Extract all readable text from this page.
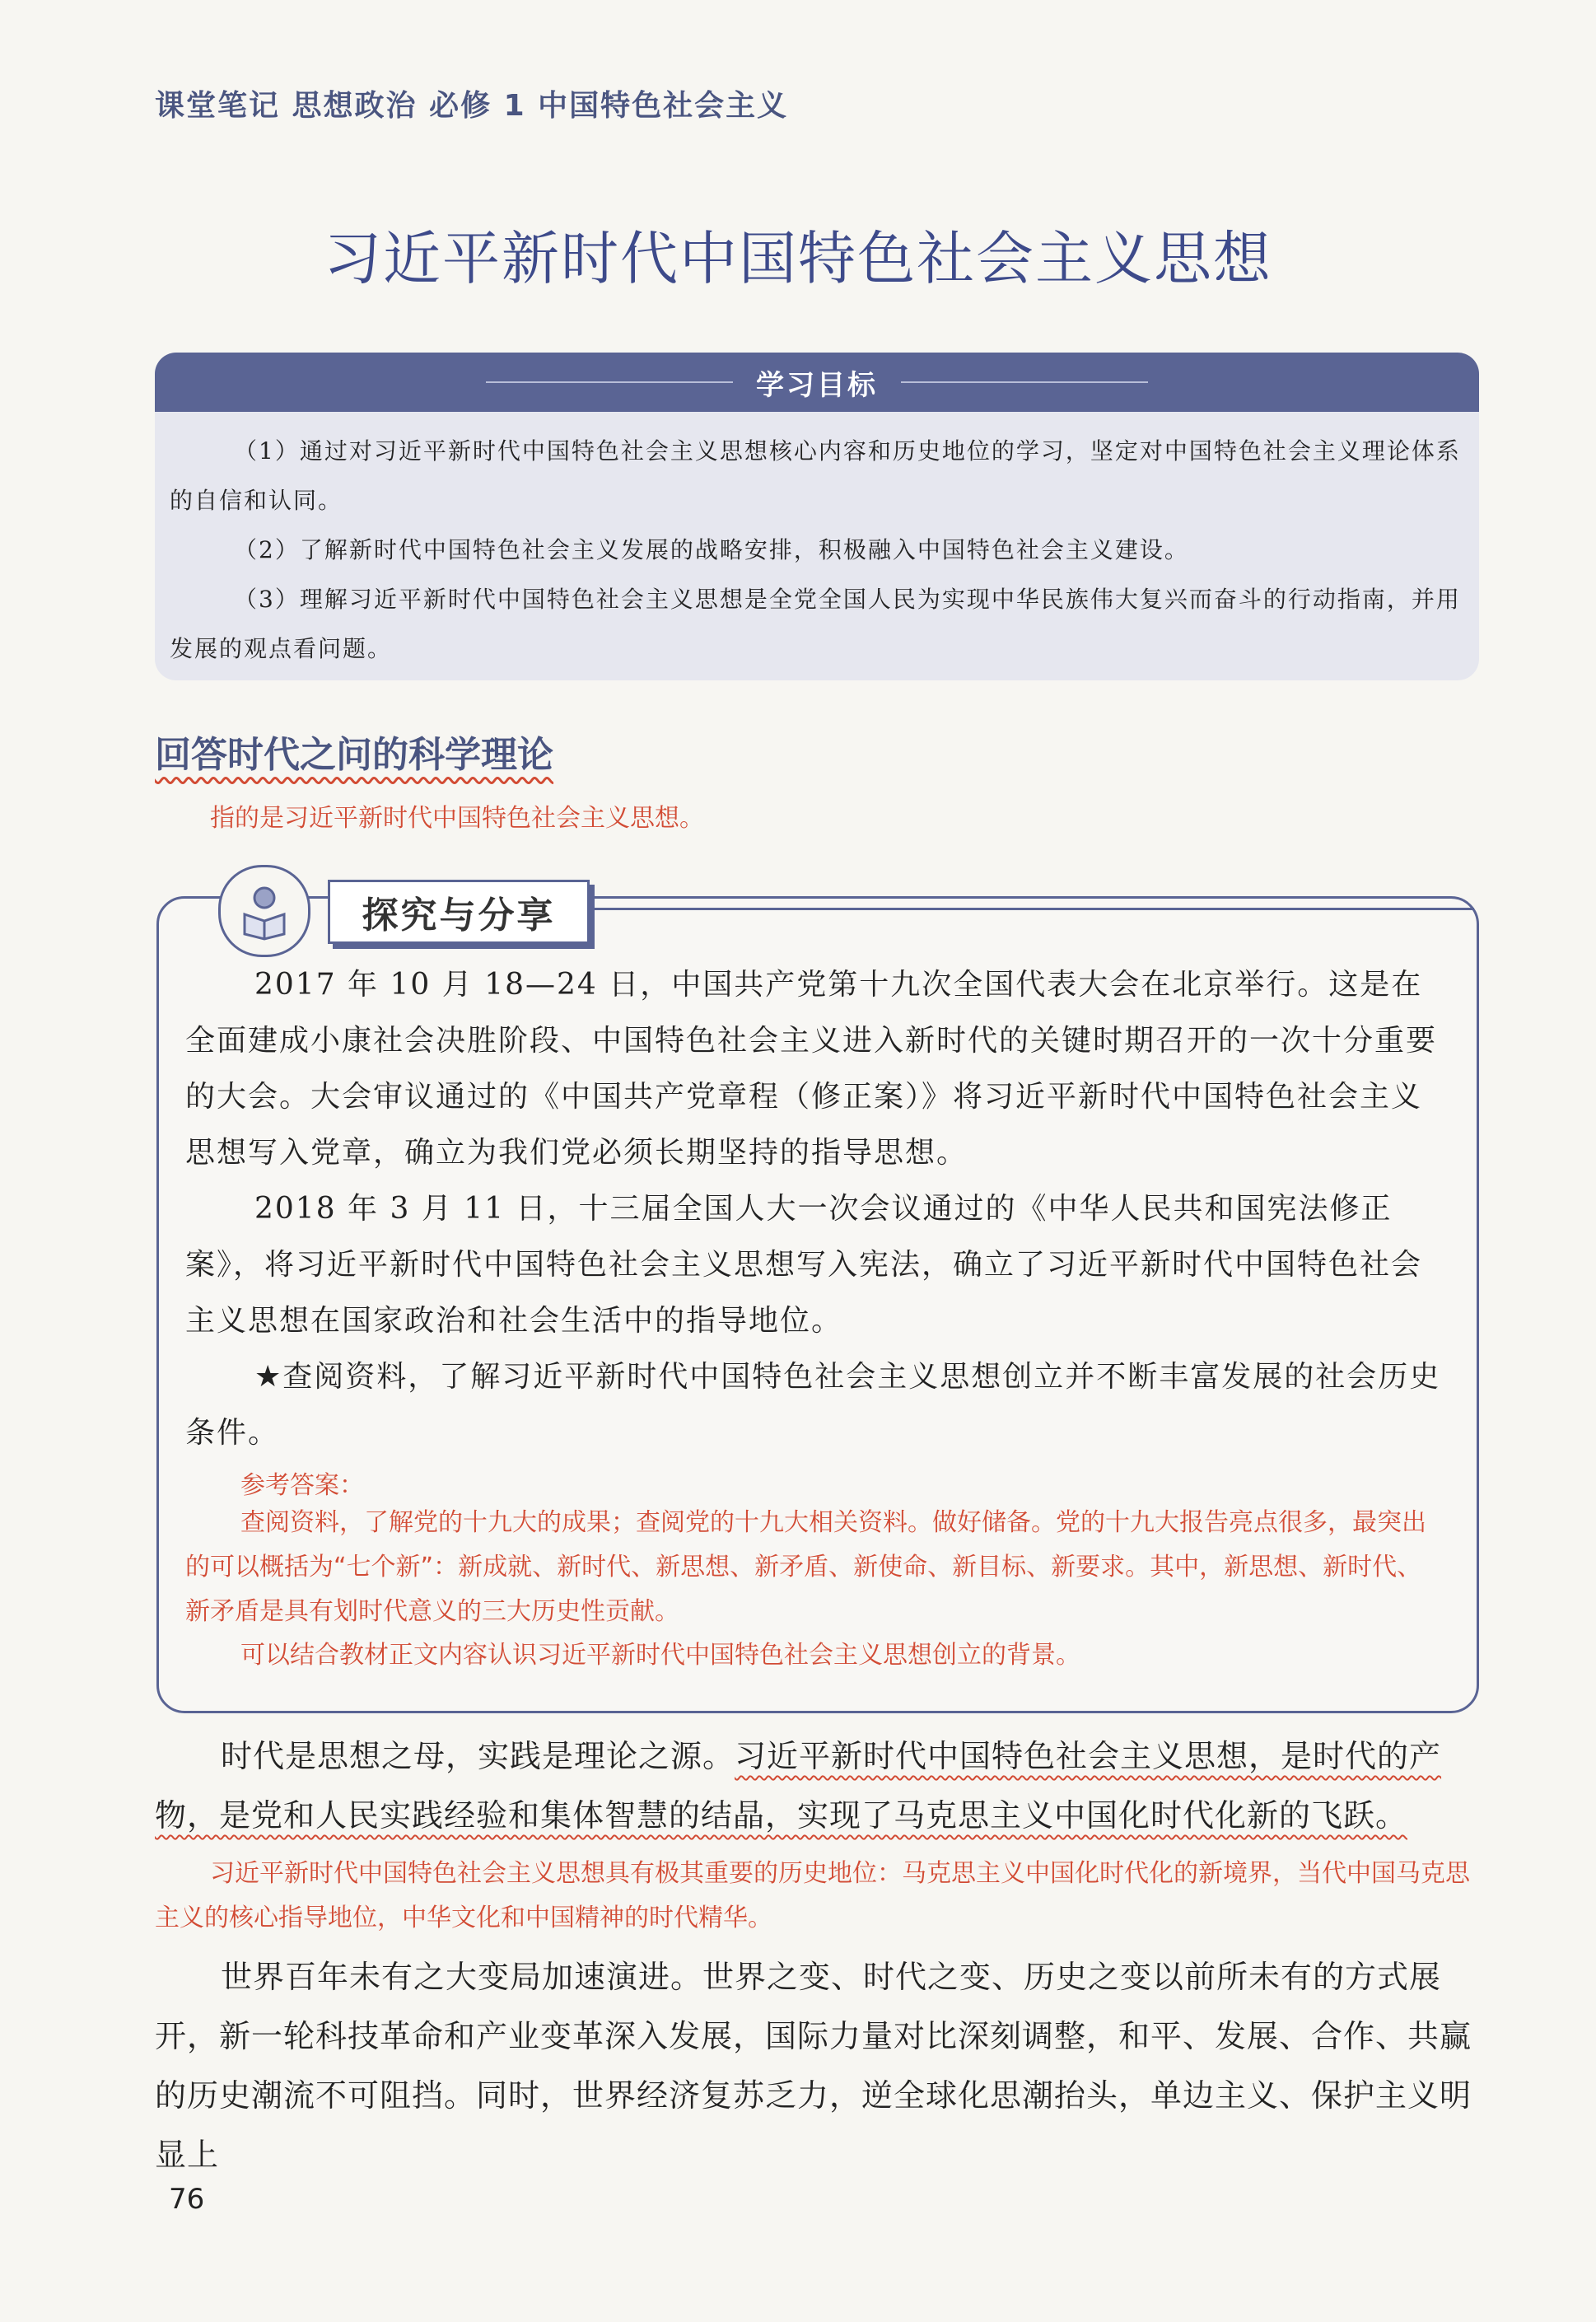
课堂笔记 思想政治 必修 1 中国特色社会主义
习近平新时代中国特色社会主义思想
学习目标
（1）通过对习近平新时代中国特色社会主义思想核心内容和历史地位的学习，坚定对中国特色社会主义理论体系的自信和认同。
（2）了解新时代中国特色社会主义发展的战略安排，积极融入中国特色社会主义建设。
（3）理解习近平新时代中国特色社会主义思想是全党全国人民为实现中华民族伟大复兴而奋斗的行动指南，并用发展的观点看问题。
回答时代之问的科学理论
指的是习近平新时代中国特色社会主义思想。
探究与分享
2017 年 10 月 18—24 日，中国共产党第十九次全国代表大会在北京举行。这是在全面建成小康社会决胜阶段、中国特色社会主义进入新时代的关键时期召开的一次十分重要的大会。大会审议通过的《中国共产党章程（修正案）》将习近平新时代中国特色社会主义思想写入党章，确立为我们党必须长期坚持的指导思想。
2018 年 3 月 11 日，十三届全国人大一次会议通过的《中华人民共和国宪法修正案》，将习近平新时代中国特色社会主义思想写入宪法，确立了习近平新时代中国特色社会主义思想在国家政治和社会生活中的指导地位。
★查阅资料，了解习近平新时代中国特色社会主义思想创立并不断丰富发展的社会历史条件。
参考答案：
查阅资料，了解党的十九大的成果；查阅党的十九大相关资料。做好储备。党的十九大报告亮点很多，最突出的可以概括为“七个新”：新成就、新时代、新思想、新矛盾、新使命、新目标、新要求。其中，新思想、新时代、新矛盾是具有划时代意义的三大历史性贡献。
可以结合教材正文内容认识习近平新时代中国特色社会主义思想创立的背景。
时代是思想之母，实践是理论之源。习近平新时代中国特色社会主义思想，是时代的产物，是党和人民实践经验和集体智慧的结晶，实现了马克思主义中国化时代化新的飞跃。
习近平新时代中国特色社会主义思想具有极其重要的历史地位：马克思主义中国化时代化的新境界，当代中国马克思主义的核心指导地位，中华文化和中国精神的时代精华。
世界百年未有之大变局加速演进。世界之变、时代之变、历史之变以前所未有的方式展开，新一轮科技革命和产业变革深入发展，国际力量对比深刻调整，和平、发展、合作、共赢的历史潮流不可阻挡。同时，世界经济复苏乏力，逆全球化思潮抬头，单边主义、保护主义明显上
76
